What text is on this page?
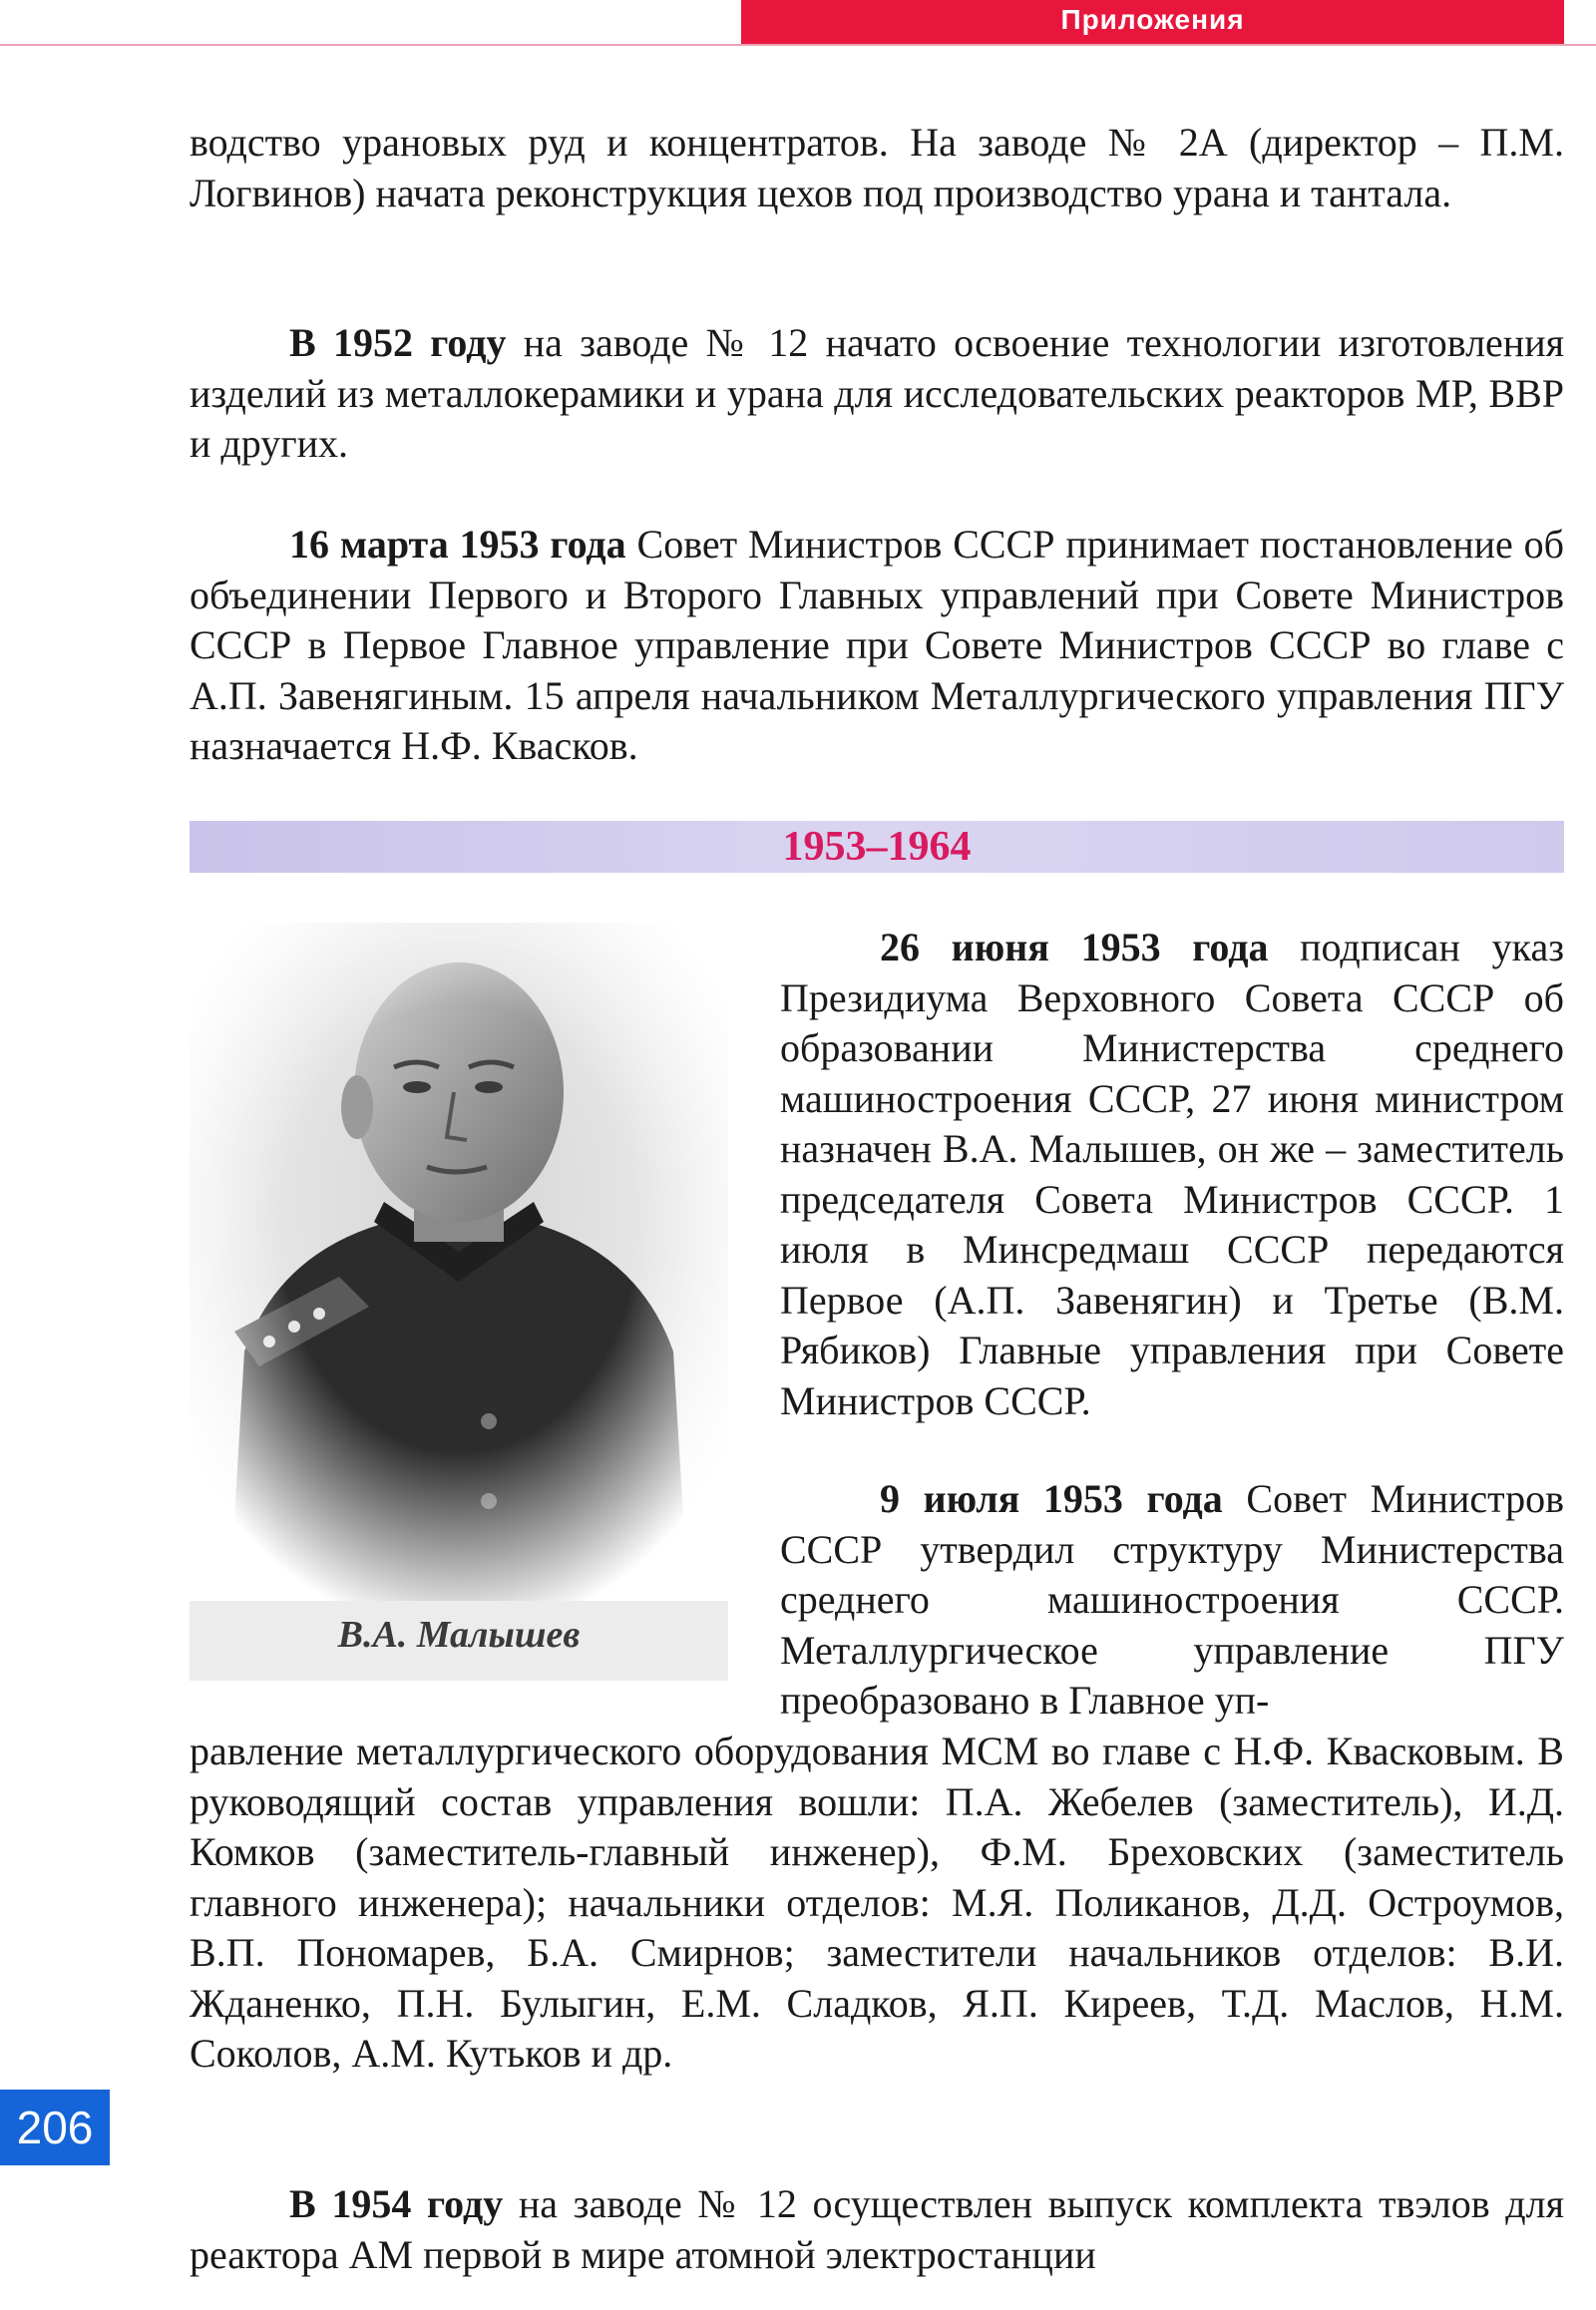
Приложения

водство урановых руд и концентратов. На заводе № 2А (директор – П.М. Логвинов) начата реконструкция цехов под производство урана и тантала.

В 1952 году на заводе № 12 начато освоение технологии изготовления изделий из металлокерамики и урана для исследовательских реакторов МР, ВВР и других.

16 марта 1953 года Совет Министров СССР принимает постановление об объединении Первого и Второго Главных управлений при Совете Министров СССР в Первое Главное управление при Совете Министров СССР во главе с А.П. Завенягиным. 15 апреля начальником Металлургического управления ПГУ назначается Н.Ф. Квасков.

1953–1964
В.А. Малышев

26 июня 1953 года подписан указ Президиума Верховного Совета СССР об образовании Министерства среднего машиностроения СССР, 27 июня министром назначен В.А. Малышев, он же – заместитель председателя Совета Министров СССР. 1 июля в Минсредмаш СССР передаются Первое (А.П. Завенягин) и Третье (В.М. Рябиков) Главные управления при Совете Министров СССР.

9 июля 1953 года Совет Министров СССР утвердил структуру Министерства среднего машиностроения СССР. Металлургическое управление ПГУ преобразовано в Главное уп-

равление металлургического оборудования МСМ во главе с Н.Ф. Квасковым. В руководящий состав управления вошли: П.А. Жебелев (заместитель), И.Д. Комков (заместитель-главный инженер), Ф.М. Бреховских (заместитель главного инженера); начальники отделов: М.Я. Поликанов, Д.Д. Остроумов, В.П. Пономарев, Б.А. Смирнов; заместители начальников отделов: В.И. Жданенко, П.Н. Булыгин, Е.М. Сладков, Я.П. Киреев, Т.Д. Маслов, Н.М. Соколов, А.М. Кутьков и др.

В 1954 году на заводе № 12 осуществлен выпуск комплекта твэлов для реактора АМ первой в мире атомной электростанции

206
